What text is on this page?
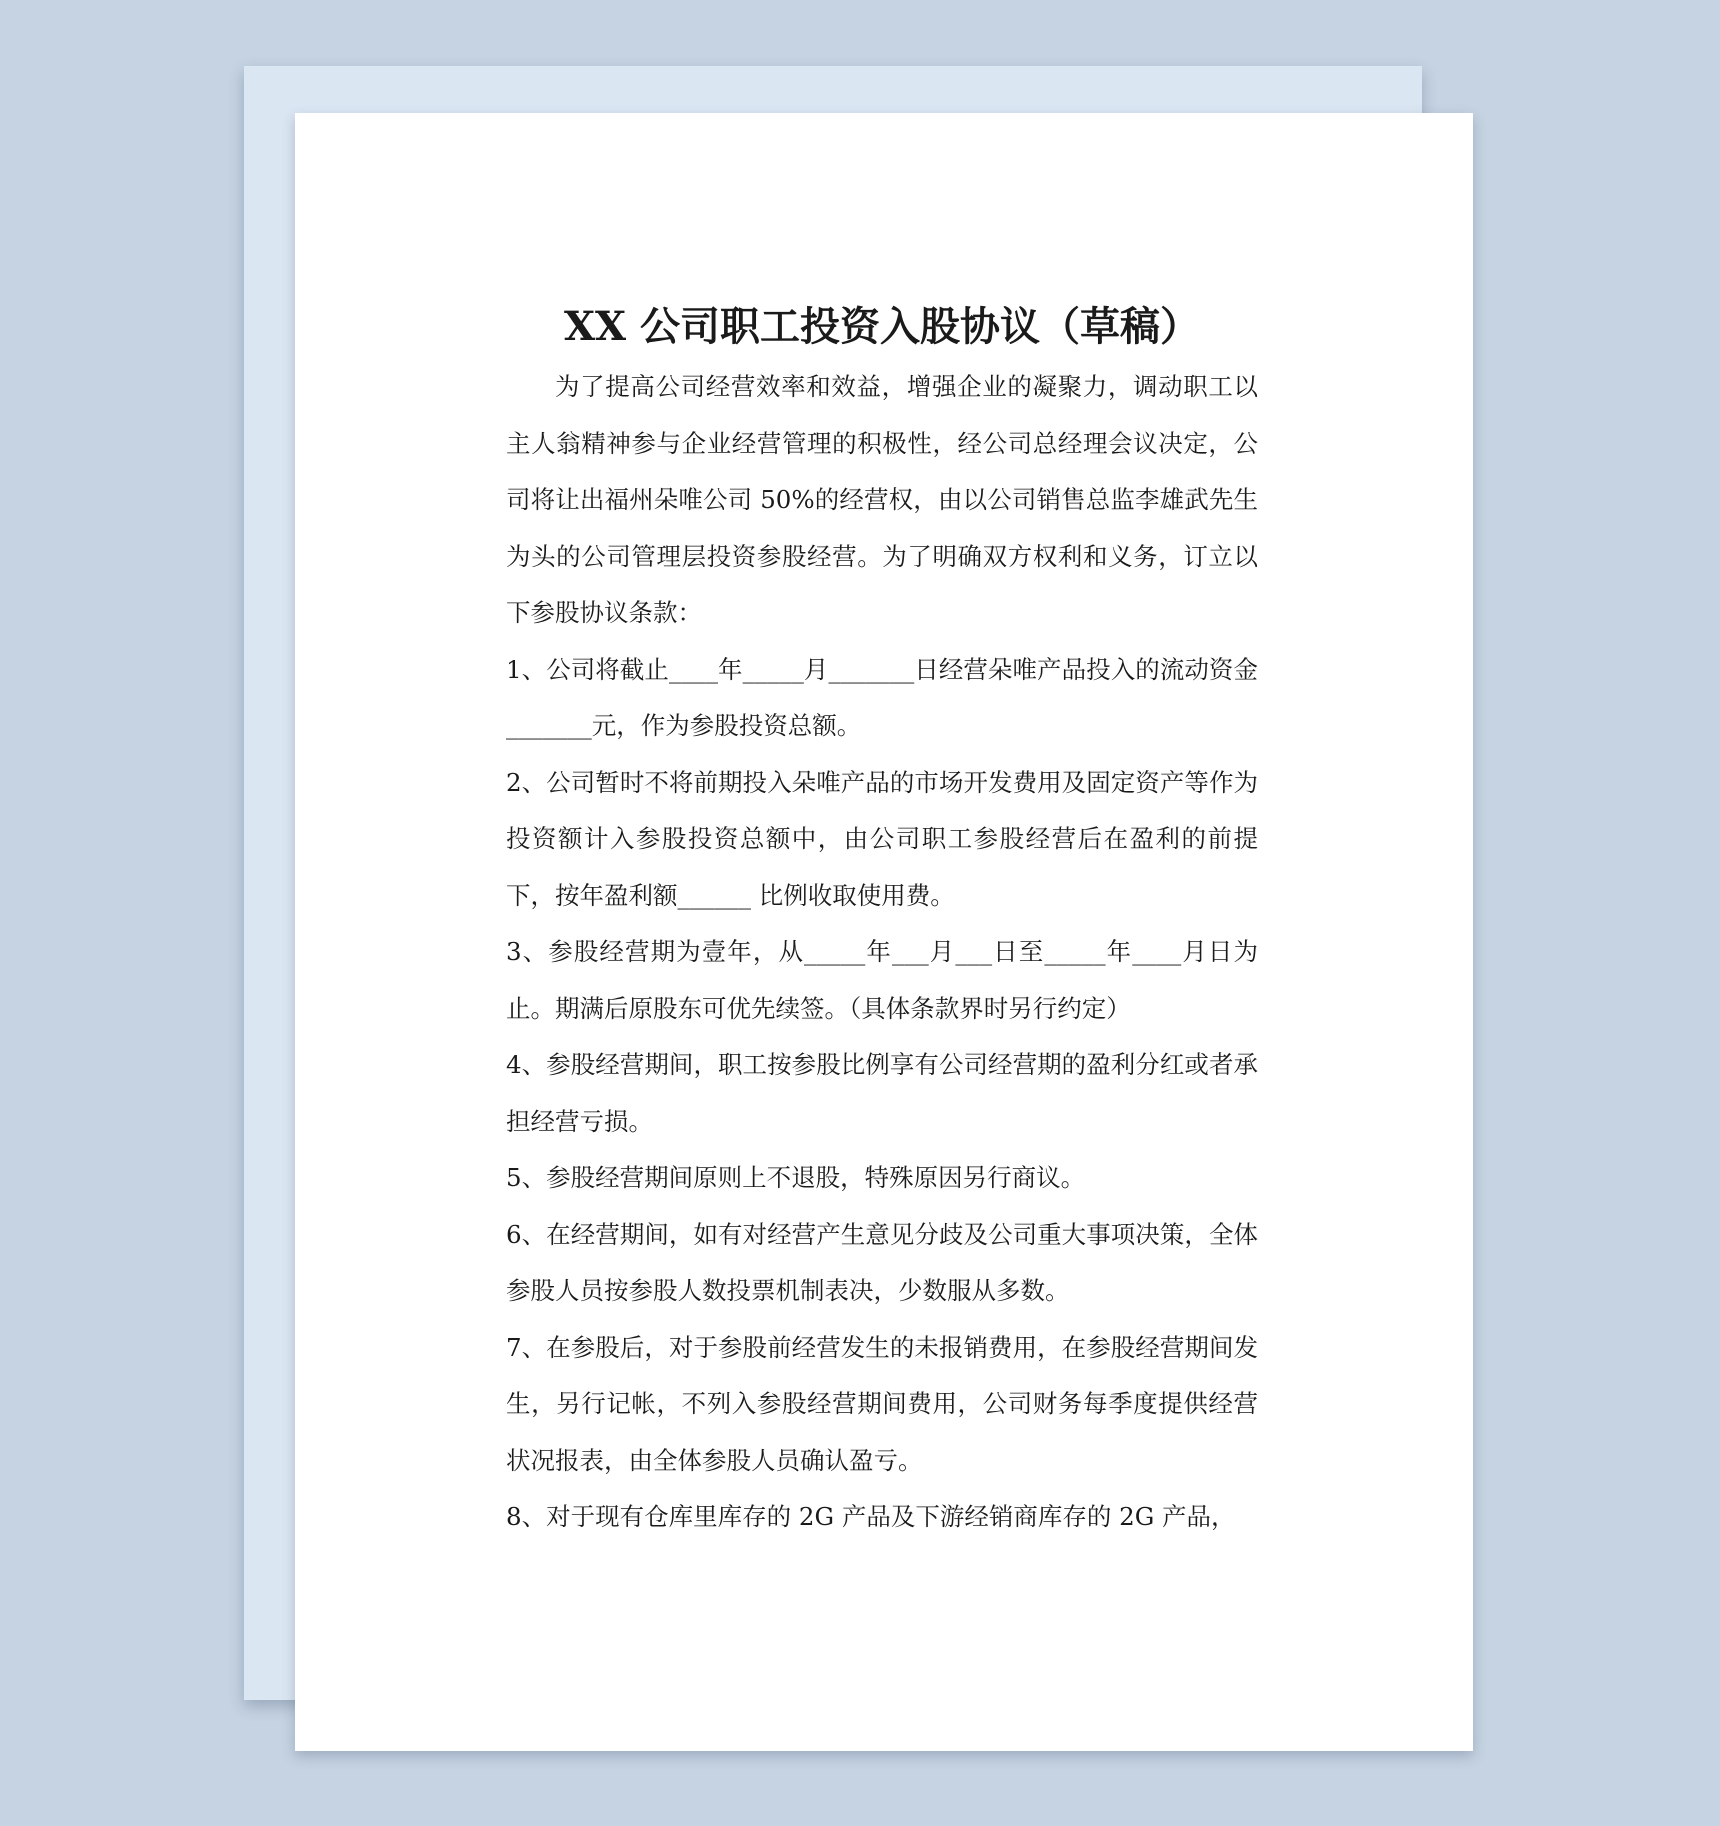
XX 公司职工投资入股协议（草稿）

为了提高公司经营效率和效益，增强企业的凝聚力，调动职工以主人翁精神参与企业经营管理的积极性，经公司总经理会议决定，公司将让出福州朵唯公司 50%的经营权，由以公司销售总监李雄武先生为头的公司管理层投资参股经营。为了明确双方权利和义务，订立以下参股协议条款：

1、公司将截止____年_____月_______日经营朵唯产品投入的流动资金_______元，作为参股投资总额。

2、公司暂时不将前期投入朵唯产品的市场开发费用及固定资产等作为投资额计入参股投资总额中，由公司职工参股经营后在盈利的前提下，按年盈利额______ 比例收取使用费。

3、参股经营期为壹年，从_____年___月___日至_____年____月日为止。期满后原股东可优先续签。（具体条款界时另行约定）

4、参股经营期间，职工按参股比例享有公司经营期的盈利分红或者承担经营亏损。

5、参股经营期间原则上不退股，特殊原因另行商议。

6、在经营期间，如有对经营产生意见分歧及公司重大事项决策，全体参股人员按参股人数投票机制表决，少数服从多数。

7、在参股后，对于参股前经营发生的未报销费用，在参股经营期间发生，另行记帐，不列入参股经营期间费用，公司财务每季度提供经营状况报表，由全体参股人员确认盈亏。

8、对于现有仓库里库存的 2G 产品及下游经销商库存的 2G 产品，
